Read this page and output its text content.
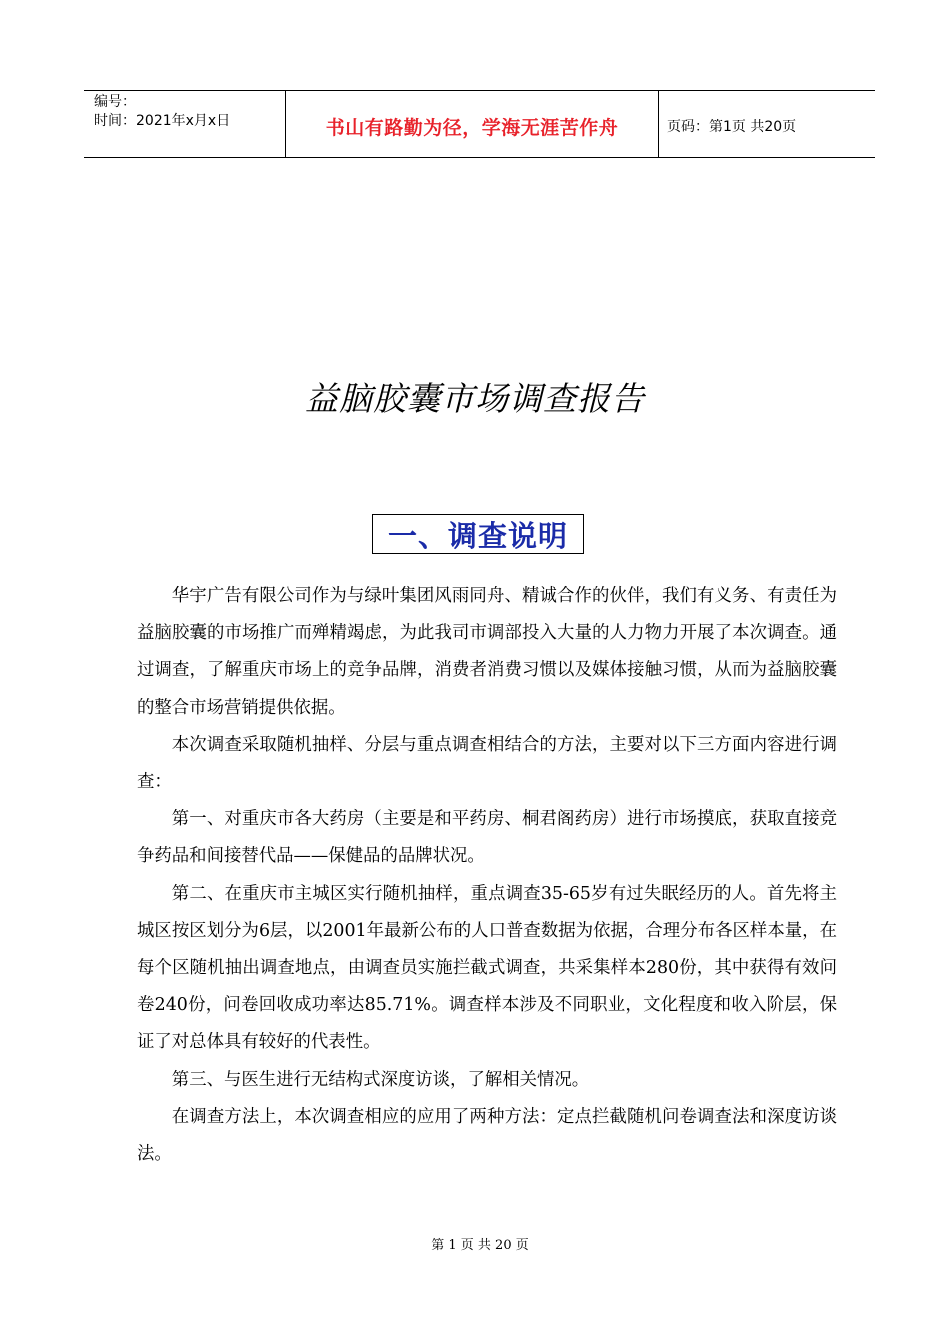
编号：
时间：2021年x月x日	书山有路勤为径，学海无涯苦作舟	页码：第1页 共20页
益脑胶囊市场调查报告
一、调查说明

华宇广告有限公司作为与绿叶集团风雨同舟、精诚合作的伙伴，我们有义务、有责任为益脑胶囊的市场推广而殚精竭虑，为此我司市调部投入大量的人力物力开展了本次调查。通过调查，了解重庆市场上的竞争品牌，消费者消费习惯以及媒体接触习惯，从而为益脑胶囊的整合市场营销提供依据。

本次调查采取随机抽样、分层与重点调查相结合的方法，主要对以下三方面内容进行调查：

第一、对重庆市各大药房（主要是和平药房、桐君阁药房）进行市场摸底，获取直接竞争药品和间接替代品——保健品的品牌状况。

第二、在重庆市主城区实行随机抽样，重点调查35-65岁有过失眠经历的人。首先将主城区按区划分为6层，以2001年最新公布的人口普查数据为依据，合理分布各区样本量，在每个区随机抽出调查地点，由调查员实施拦截式调查，共采集样本280份，其中获得有效问卷240份，问卷回收成功率达85.71%。调查样本涉及不同职业，文化程度和收入阶层，保证了对总体具有较好的代表性。

第三、与医生进行无结构式深度访谈，了解相关情况。

在调查方法上，本次调查相应的应用了两种方法：定点拦截随机问卷调查法和深度访谈法。

第 1 页 共 20 页
